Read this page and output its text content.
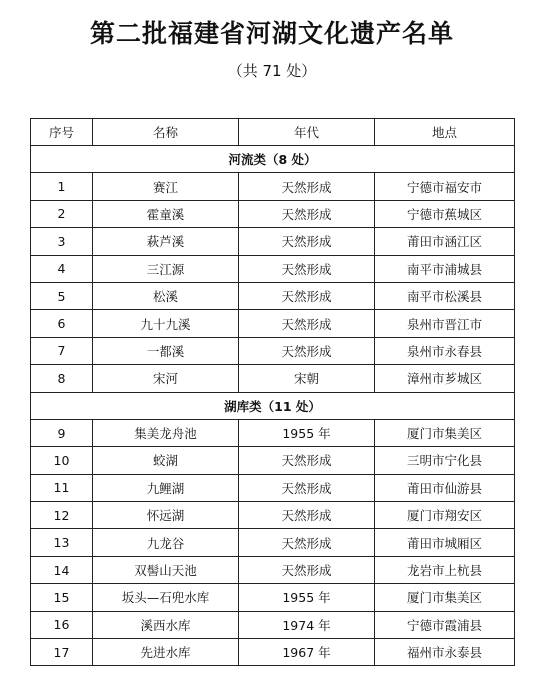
第二批福建省河湖文化遗产名单
（共 71 处）
序号	名称	年代	地点
河流类（8 处）			
1	赛江	天然形成	宁德市福安市
2	霍童溪	天然形成	宁德市蕉城区
3	萩芦溪	天然形成	莆田市涵江区
4	三江源	天然形成	南平市浦城县
5	松溪	天然形成	南平市松溪县
6	九十九溪	天然形成	泉州市晋江市
7	一都溪	天然形成	泉州市永春县
8	宋河	宋朝	漳州市芗城区
湖库类（11 处）			
9	集美龙舟池	1955 年	厦门市集美区
10	蛟湖	天然形成	三明市宁化县
11	九鲤湖	天然形成	莆田市仙游县
12	怀远湖	天然形成	厦门市翔安区
13	九龙谷	天然形成	莆田市城厢区
14	双髻山天池	天然形成	龙岩市上杭县
15	坂头—石兜水库	1955 年	厦门市集美区
16	溪西水库	1974 年	宁德市霞浦县
17	先进水库	1967 年	福州市永泰县
